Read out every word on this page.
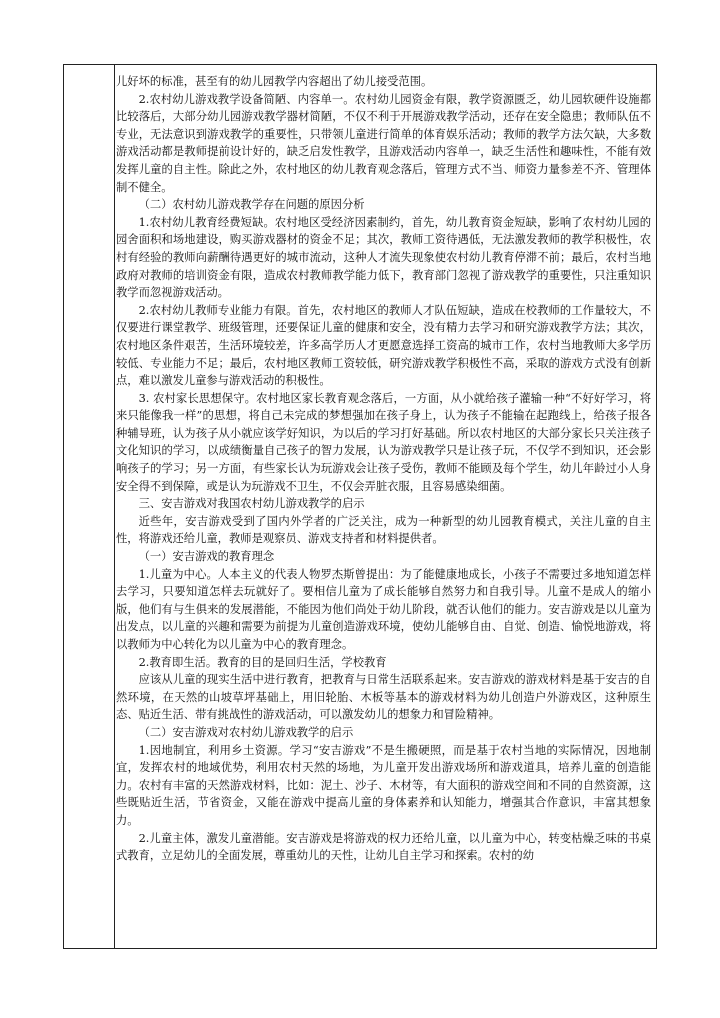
儿好坏的标准，甚至有的幼儿园教学内容超出了幼儿接受范围。

2.农村幼儿游戏教学设备简陋、内容单一。农村幼儿园资金有限，教学资源匮乏，幼儿园软硬件设施都比较落后，大部分幼儿园游戏教学器材简陋，不仅不利于开展游戏教学活动，还存在安全隐患；教师队伍不专业，无法意识到游戏教学的重要性，只带领儿童进行简单的体育娱乐活动；教师的教学方法欠缺，大多数游戏活动都是教师提前设计好的，缺乏启发性教学，且游戏活动内容单一，缺乏生活性和趣味性，不能有效发挥儿童的自主性。除此之外，农村地区的幼儿教育观念落后，管理方式不当、师资力量参差不齐、管理体制不健全。

（二）农村幼儿游戏教学存在问题的原因分析

1.农村幼儿教育经费短缺。农村地区受经济因素制约，首先，幼儿教育资金短缺，影响了农村幼儿园的园舍面积和场地建设，购买游戏器材的资金不足；其次，教师工资待遇低，无法激发教师的教学积极性，农村有经验的教师向薪酬待遇更好的城市流动，这种人才流失现象使农村幼儿教育停滞不前；最后，农村当地政府对教师的培训资金有限，造成农村教师教学能力低下，教育部门忽视了游戏教学的重要性，只注重知识教学而忽视游戏活动。

2.农村幼儿教师专业能力有限。首先，农村地区的教师人才队伍短缺，造成在校教师的工作量较大，不仅要进行课堂教学、班级管理，还要保证儿童的健康和安全，没有精力去学习和研究游戏教学方法；其次，农村地区条件艰苦，生活环境较差，许多高学历人才更愿意选择工资高的城市工作，农村当地教师大多学历较低、专业能力不足；最后，农村地区教师工资较低，研究游戏教学积极性不高，采取的游戏方式没有创新点，难以激发儿童参与游戏活动的积极性。

3. 农村家长思想保守。农村地区家长教育观念落后，一方面，从小就给孩子灌输一种“不好好学习，将来只能像我一样”的思想，将自己未完成的梦想强加在孩子身上，认为孩子不能输在起跑线上，给孩子报各种辅导班，认为孩子从小就应该学好知识，为以后的学习打好基础。所以农村地区的大部分家长只关注孩子文化知识的学习，以成绩衡量自己孩子的智力发展，认为游戏教学只是让孩子玩，不仅学不到知识，还会影响孩子的学习；另一方面，有些家长认为玩游戏会让孩子受伤，教师不能顾及每个学生，幼儿年龄过小人身安全得不到保障，或是认为玩游戏不卫生，不仅会弄脏衣服，且容易感染细菌。

三、安吉游戏对我国农村幼儿游戏教学的启示

近些年，安吉游戏受到了国内外学者的广泛关注，成为一种新型的幼儿园教育模式，关注儿童的自主性，将游戏还给儿童，教师是观察员、游戏支持者和材料提供者。

（一）安吉游戏的教育理念

1.儿童为中心。人本主义的代表人物罗杰斯曾提出：为了能健康地成长，小孩子不需要过多地知道怎样去学习，只要知道怎样去玩就好了。要相信儿童为了成长能够自然努力和自我引导。儿童不是成人的缩小版，他们有与生俱来的发展潜能，不能因为他们尚处于幼儿阶段，就否认他们的能力。安吉游戏是以儿童为出发点，以儿童的兴趣和需要为前提为儿童创造游戏环境，使幼儿能够自由、自觉、创造、愉悦地游戏，将以教师为中心转化为以儿童为中心的教育理念。

2.教育即生活。教育的目的是回归生活，学校教育

应该从儿童的现实生活中进行教育，把教育与日常生活联系起来。安吉游戏的游戏材料是基于安吉的自然环境，在天然的山坡草坪基础上，用旧轮胎、木板等基本的游戏材料为幼儿创造户外游戏区，这种原生态、贴近生活、带有挑战性的游戏活动，可以激发幼儿的想象力和冒险精神。

（二）安吉游戏对农村幼儿游戏教学的启示

1.因地制宜，利用乡土资源。学习“安吉游戏”不是生搬硬照，而是基于农村当地的实际情况，因地制宜，发挥农村的地域优势，利用农村天然的场地，为儿童开发出游戏场所和游戏道具，培养儿童的创造能力。农村有丰富的天然游戏材料，比如：泥土、沙子、木材等，有大面积的游戏空间和不同的自然资源，这些既贴近生活，节省资金，又能在游戏中提高儿童的身体素养和认知能力，增强其合作意识，丰富其想象力。

2.儿童主体，激发儿童潜能。安吉游戏是将游戏的权力还给儿童，以儿童为中心，转变枯燥乏味的书桌式教育，立足幼儿的全面发展，尊重幼儿的天性，让幼儿自主学习和探索。农村的幼
